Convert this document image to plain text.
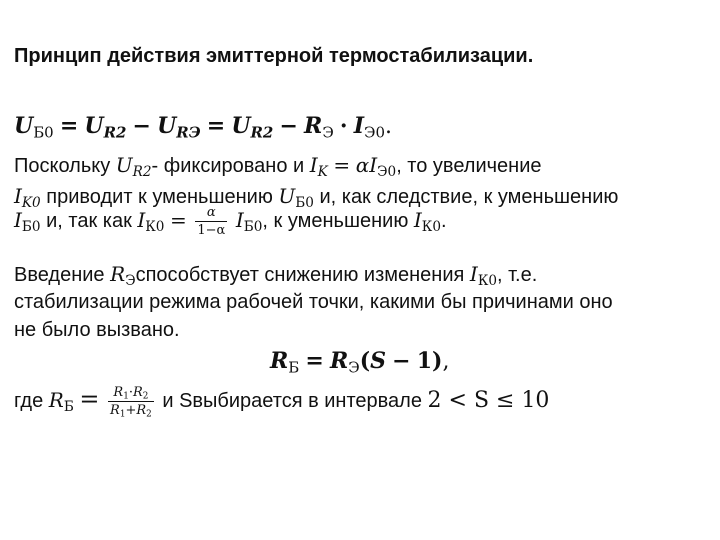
Принцип действия эмиттерной термостабилизации.
$U_{Б0} = U_{R2} - U_{RЭ} = U_{R2} - R_Э \cdot I_{Э0}$.
Поскольку $U_{R2}-$ фиксировано и $I_K = \alpha I_{Э0}$, то увеличение
$I_{K0}$ приводит к уменьшению $U_{Б0}$ и, как следствие, к уменьшению
$I_{Б0}$ и, так как $I_{К0} = \frac{\alpha}{1-\alpha} I_{Б0}$, к уменьшению $I_{К0}$.
Введение $R_Эспособствует$ снижению изменения $I_{К0}$, т.е.
стабилизации режима рабочей точки, какими бы причинами оно
не было вызвано.
$R_Б = R_Э(S - 1)$,
где $R_Б = \frac{R_1\cdot R_2}{R_1+R_2}$ и Sвыбирается в интервале 2 < S ≤ 10
